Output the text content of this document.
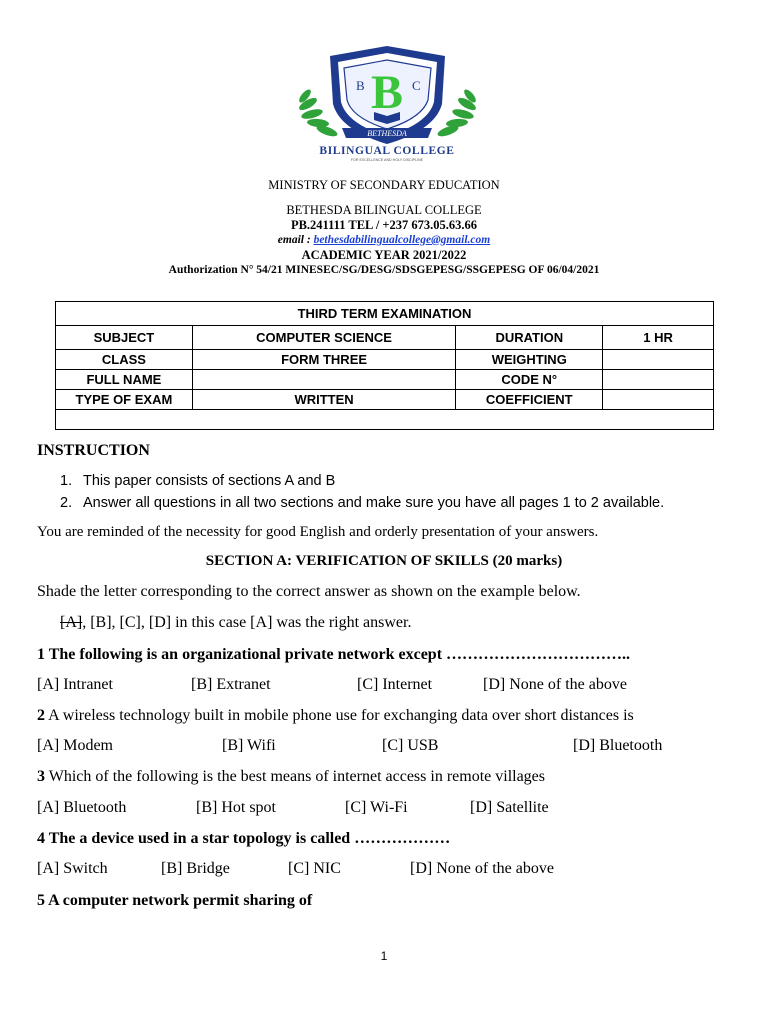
B B C
BETHESDA
BILINGUAL COLLEGE
FOR EXCELLENCE AND HOLY DISCIPLINE
MINISTRY OF SECONDARY EDUCATION
BETHESDA BILINGUAL COLLEGE
PB.241111 TEL / +237 673.05.63.66
email : bethesdabilingualcollege@gmail.com
ACADEMIC YEAR 2021/2022
Authorization N° 54/21 MINESEC/SG/DESG/SDSGEPESG/SSGEPESG OF 06/04/2021
THIRD TERM EXAMINATION			
SUBJECT	COMPUTER SCIENCE	DURATION	1 HR
CLASS	FORM THREE	WEIGHTING	
FULL NAME		CODE N°	
TYPE OF EXAM	WRITTEN	COEFFICIENT	

INSTRUCTION
1. This paper consists of sections A and B
2. Answer all questions in all two sections and make sure you have all pages 1 to 2 available.
You are reminded of the necessity for good English and orderly presentation of your answers.
SECTION A: VERIFICATION OF SKILLS (20 marks)
Shade the letter corresponding to the correct answer as shown on the example below.
[A], [B], [C], [D] in this case [A] was the right answer.
1 The following is an organizational private network except ……………………………..
[A] Intranet	[B] Extranet	[C] Internet	[D] None of the above
2 A wireless technology built in mobile phone use for exchanging data over short distances is
[A] Modem	[B] Wifi	[C] USB	[D] Bluetooth
3 Which of the following is the best means of internet access in remote villages
[A] Bluetooth	[B] Hot spot	[C] Wi-Fi	[D] Satellite
4 The a device used in a star topology is called ………………
[A] Switch	[B] Bridge	[C] NIC	[D] None of the above
5 A computer network permit sharing of
1
